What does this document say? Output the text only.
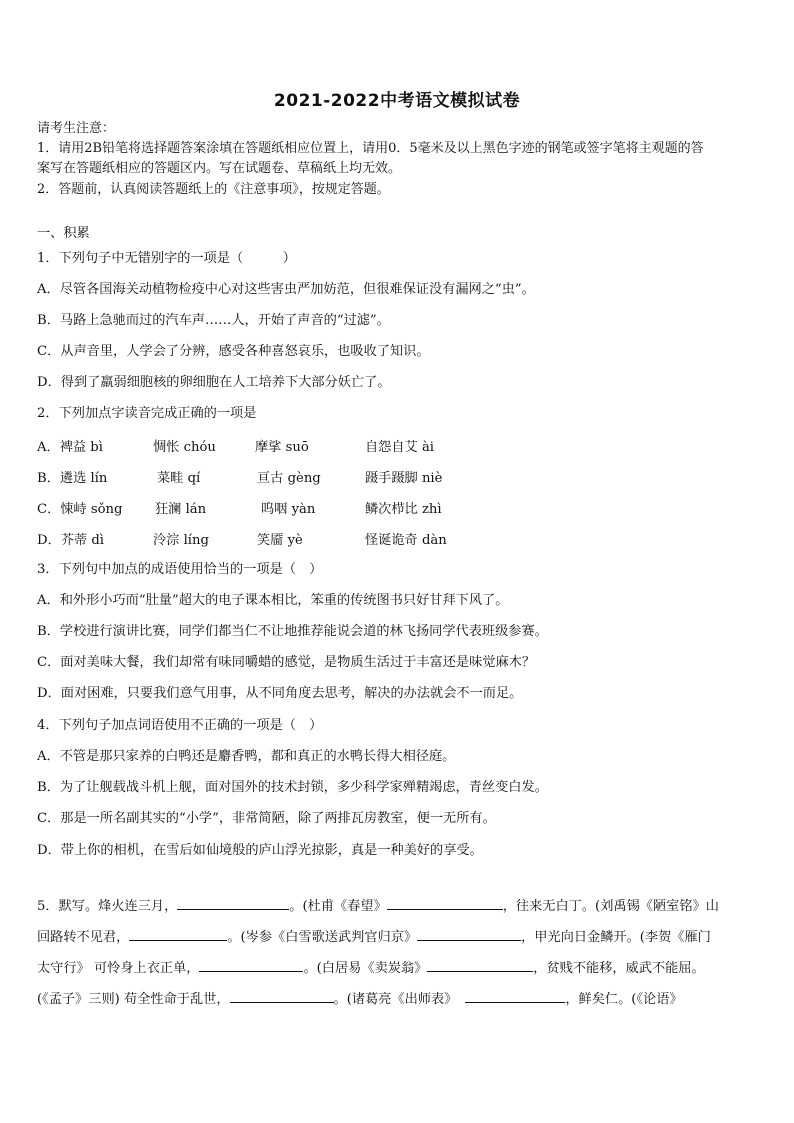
2021-2022中考语文模拟试卷
请考生注意：
1．请用2B铅笔将选择题答案涂填在答题纸相应位置上，请用0．5毫米及以上黑色字迹的钢笔或签字笔将主观题的答
案写在答题纸相应的答题区内。写在试题卷、草稿纸上均无效。
2．答题前，认真阅读答题纸上的《注意事项》，按规定答题。
一、积累
1．下列句子中无错别字的一项是（　　　）
A．尽管各国海关动植物检疫中心对这些害虫严加妨范，但很难保证没有漏网之“虫”。
B．马路上急驰而过的汽车声……人，开始了声音的“过滤”。
C．从声音里，人学会了分辨，感受各种喜怒哀乐，也吸收了知识。
D．得到了羸弱细胞核的卵细胞在人工培养下大部分妖亡了。
2．下列加点字读音完成正确的一项是
A．裨益 bì	惆怅 chóu	摩挲 suō	自怨自艾 ài
B．遴选 lín	菜畦 qí	亘古 gèng	蹑手蹑脚 niè
C．悚峙 sǒng 狂澜 lán	呜咽 yàn	鳞次栉比 zhì
D．芥蒂 dì	泠淙 líng	笑靥 yè	怪诞诡奇 dàn
3．下列句中加点的成语使用恰当的一项是（　）
A．和外形小巧而“肚量”超大的电子课本相比，笨重的传统图书只好甘拜下风了。
B．学校进行演讲比赛，同学们都当仁不让地推荐能说会道的林飞扬同学代表班级参赛。
C．面对美味大餐，我们却常有味同嚼蜡的感觉，是物质生活过于丰富还是味觉麻木？
D．面对困难，只要我们意气用事，从不同角度去思考，解决的办法就会不一而足。
4．下列句子加点词语使用不正确的一项是（　）
A．不管是那只家养的白鸭还是麝香鸭，都和真正的水鸭长得大相径庭。
B．为了让舰载战斗机上舰，面对国外的技术封锁，多少科学家殚精竭虑，青丝变白发。
C．那是一所名副其实的“小学”，非常简陋，除了两排瓦房教室，便一无所有。
D．带上你的相机，在雪后如仙境般的庐山浮光掠影，真是一种美好的享受。
5．默写。烽火连三月，	。(杜甫《春望》	，往来无白丁。(刘禹锡《陋室铭》山
回路转不见君，	。(岑参《白雪歌送武判官归京》	，甲光向日金鳞开。(李贺《雁门
太守行》 可怜身上衣正单，	。(白居易《卖炭翁》	，贫贱不能移，威武不能屈。
(《孟子》三则) 苟全性命于乱世，	。(诸葛亮《出师表》	，鲜矣仁。(《论语》
